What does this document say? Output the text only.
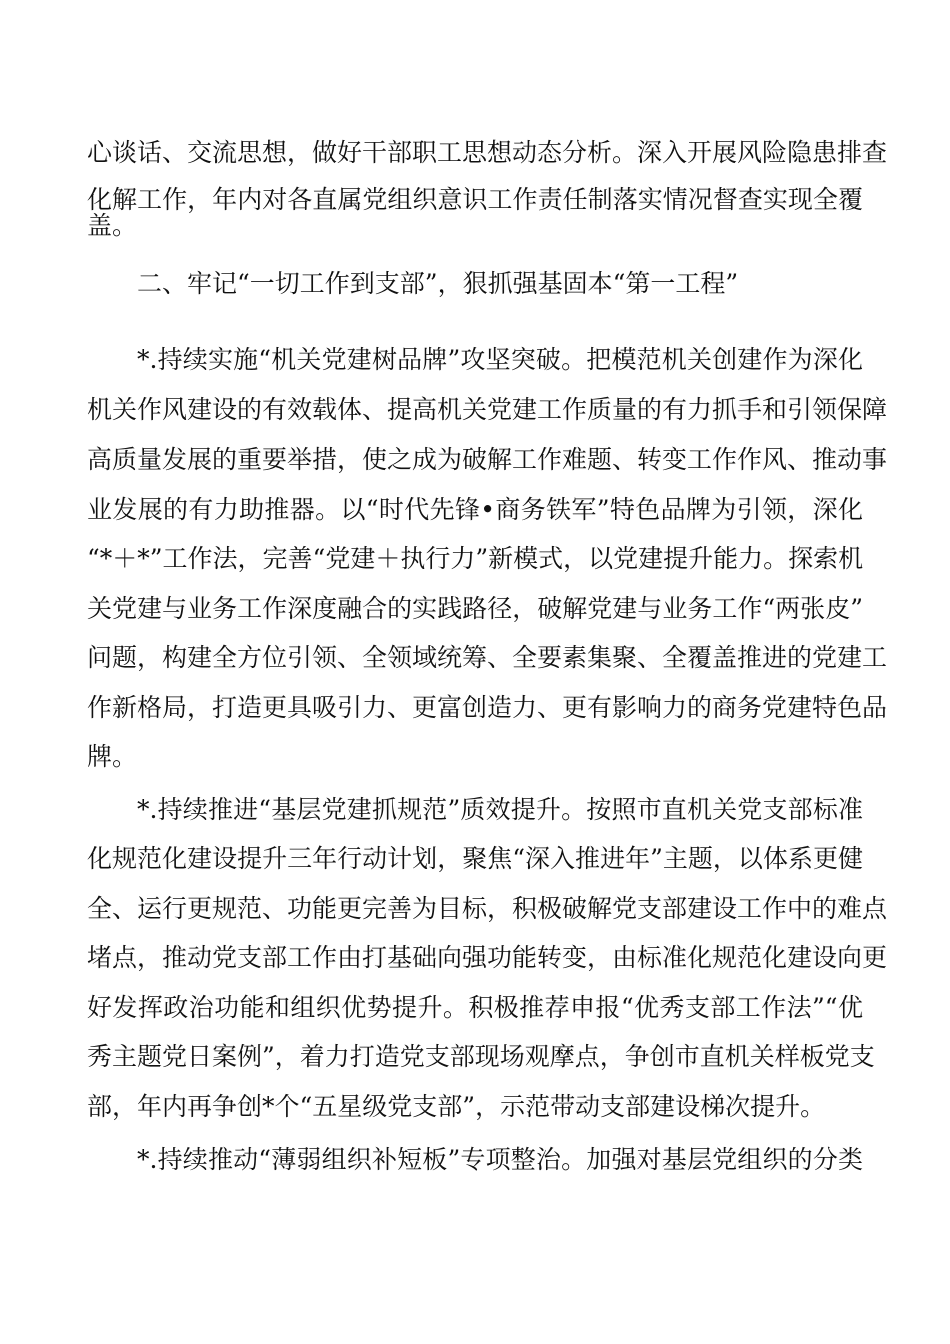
心谈话、交流思想，做好干部职工思想动态分析。深入开展风险隐患排查
化解工作，年内对各直属党组织意识工作责任制落实情况督查实现全覆
盖。
二、牢记“一切工作到支部”，狠抓强基固本“第一工程”
*.持续实施“机关党建树品牌”攻坚突破。把模范机关创建作为深化
机关作风建设的有效载体、提高机关党建工作质量的有力抓手和引领保障
高质量发展的重要举措，使之成为破解工作难题、转变工作作风、推动事
业发展的有力助推器。以“时代先锋•商务铁军”特色品牌为引领，深化
“*＋*”工作法，完善“党建＋执行力”新模式，以党建提升能力。探索机
关党建与业务工作深度融合的实践路径，破解党建与业务工作“两张皮”
问题，构建全方位引领、全领域统筹、全要素集聚、全覆盖推进的党建工
作新格局，打造更具吸引力、更富创造力、更有影响力的商务党建特色品
牌。
*.持续推进“基层党建抓规范”质效提升。按照市直机关党支部标准
化规范化建设提升三年行动计划，聚焦“深入推进年”主题，以体系更健
全、运行更规范、功能更完善为目标，积极破解党支部建设工作中的难点
堵点，推动党支部工作由打基础向强功能转变，由标准化规范化建设向更
好发挥政治功能和组织优势提升。积极推荐申报“优秀支部工作法”“优
秀主题党日案例”，着力打造党支部现场观摩点，争创市直机关样板党支
部，年内再争创*个“五星级党支部”，示范带动支部建设梯次提升。
*.持续推动“薄弱组织补短板”专项整治。加强对基层党组织的分类
